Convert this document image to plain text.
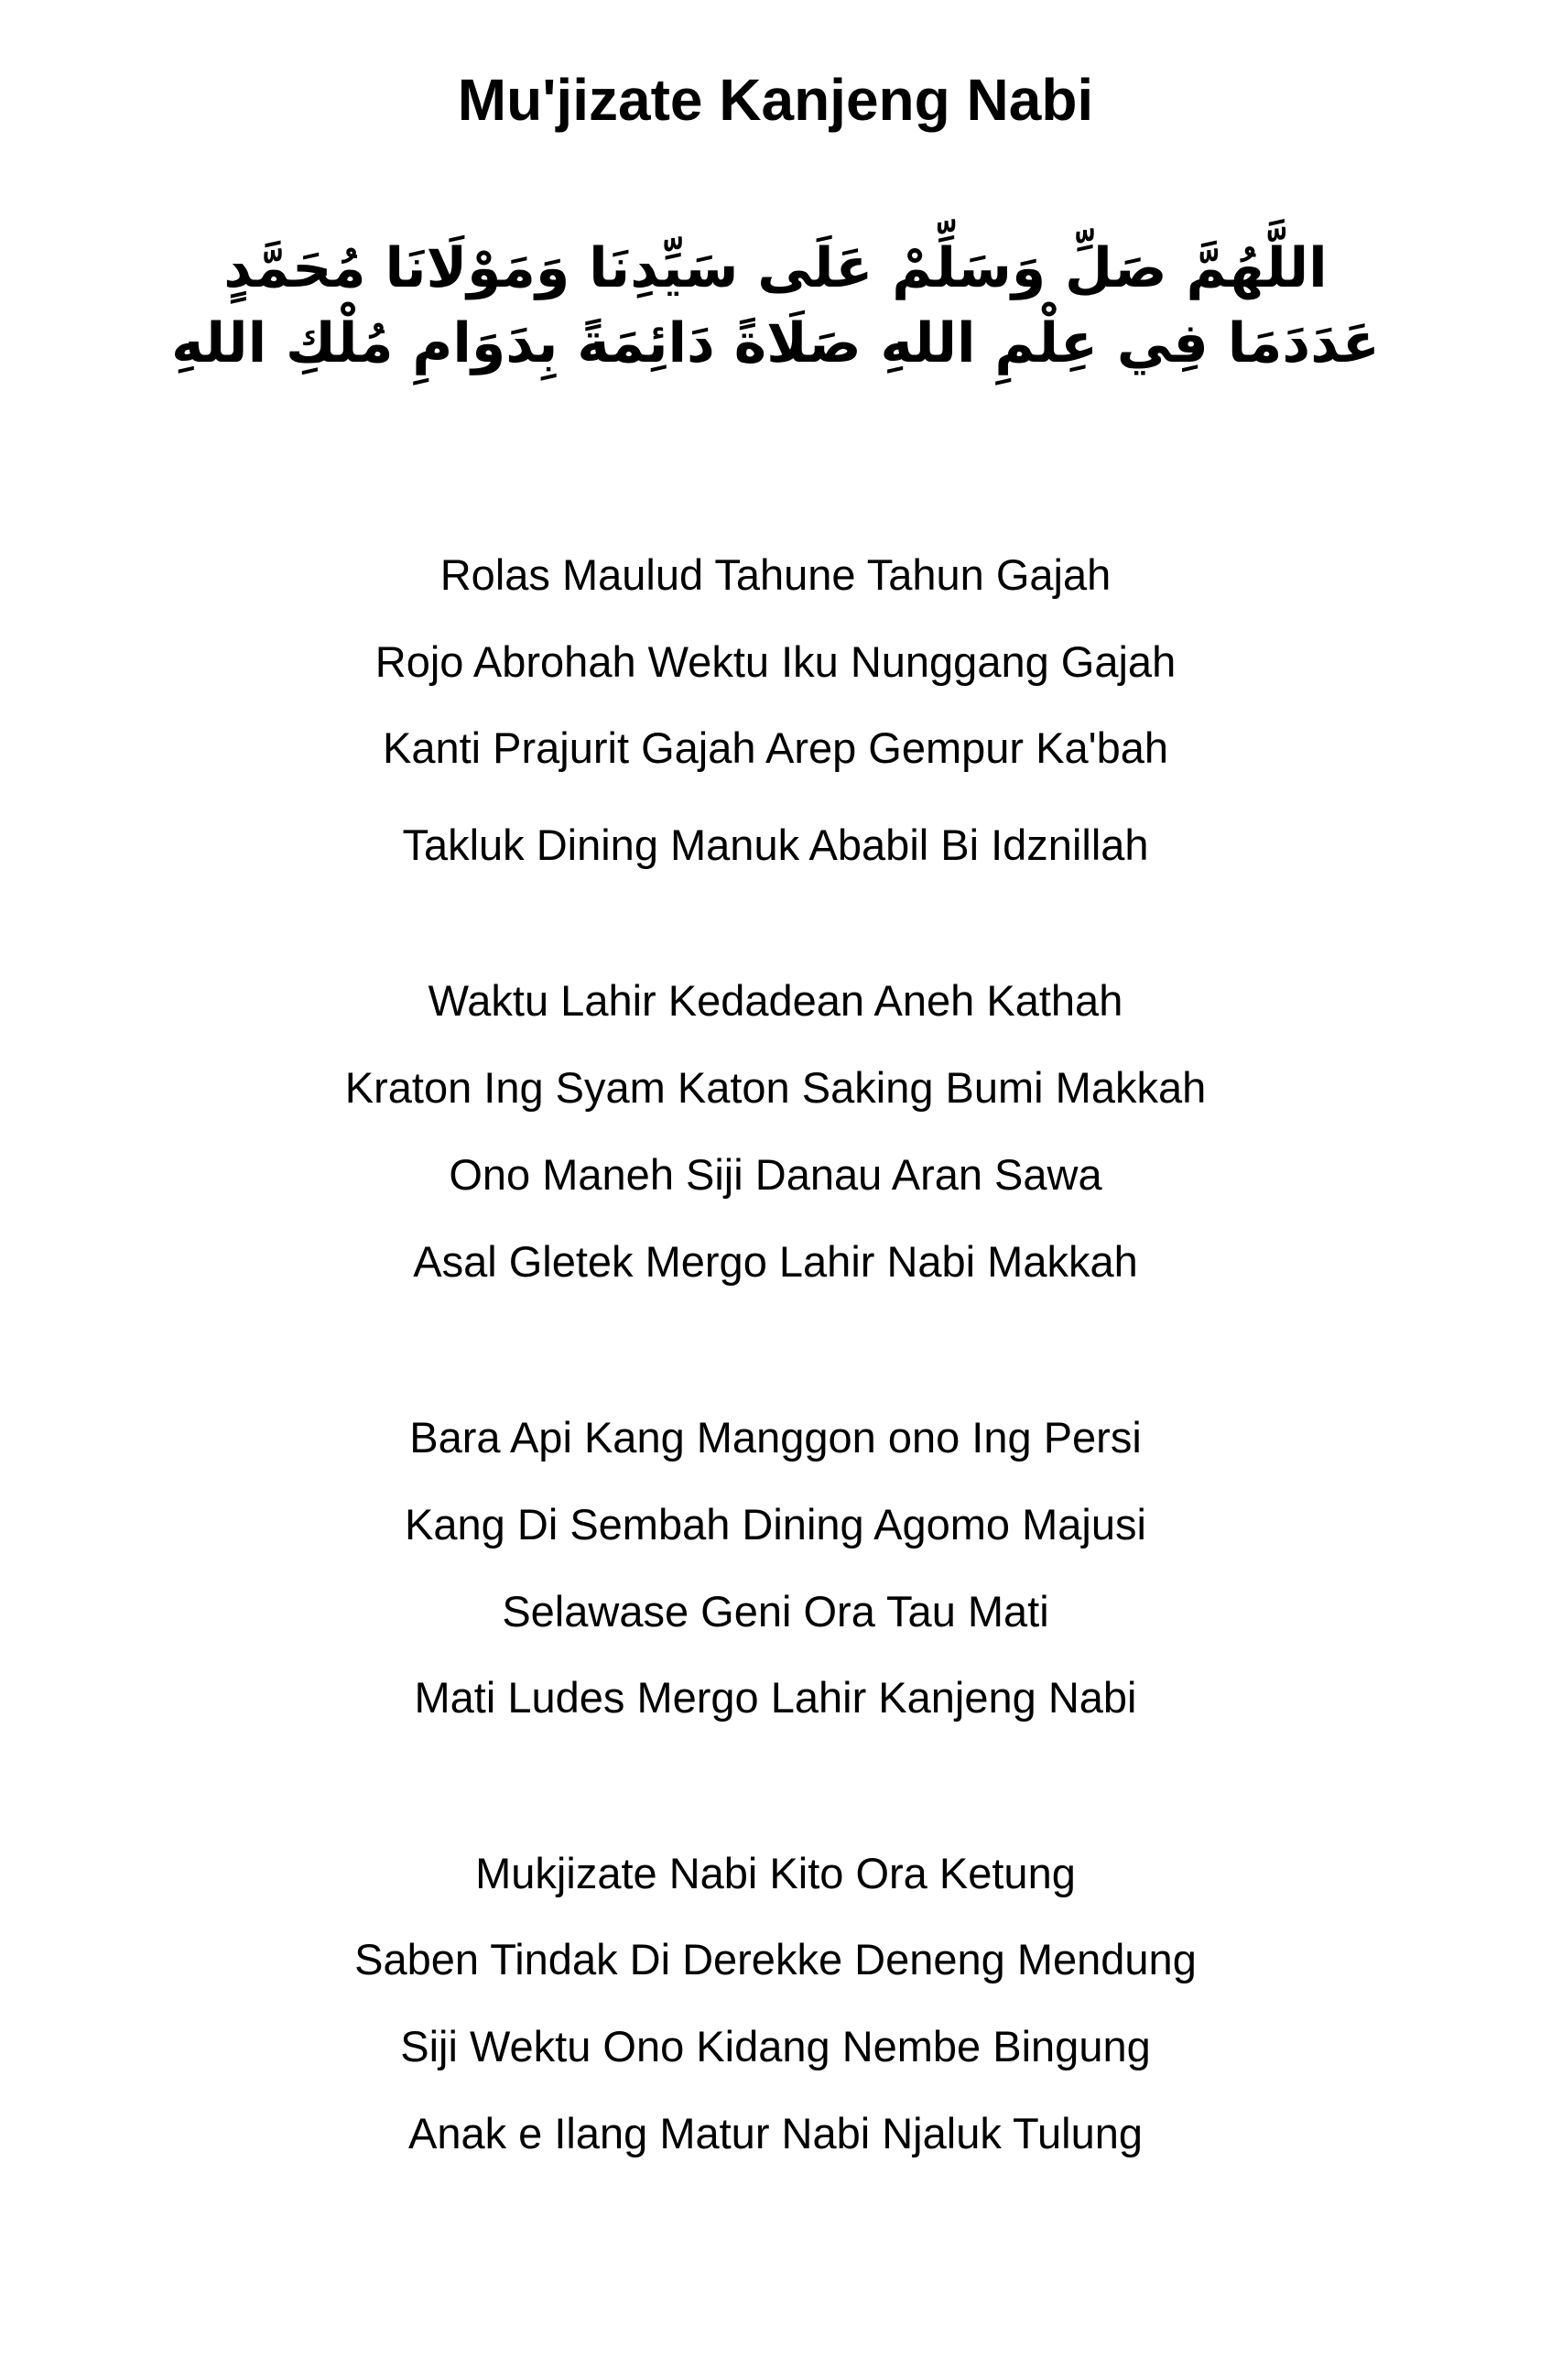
Mu'jizate Kanjeng Nabi
اللَّهُمَّ صَلِّ وَسَلِّمْ عَلَى سَيِّدِنَا وَمَوْلَانَا مُحَمَّدٍ
عَدَدَمَا فِي عِلْمِ اللهِ صَلَاةً دَائِمَةً بِدَوَامِ مُلْكِ اللهِ
Rolas Maulud Tahune Tahun Gajah
Rojo Abrohah Wektu Iku Nunggang Gajah
Kanti Prajurit Gajah Arep Gempur Ka'bah
Takluk Dining Manuk Ababil Bi Idznillah
Waktu Lahir Kedadean Aneh Kathah
Kraton Ing Syam Katon Saking Bumi Makkah
Ono Maneh Siji Danau Aran Sawa
Asal Gletek Mergo Lahir Nabi Makkah
Bara Api Kang Manggon ono Ing Persi
Kang Di Sembah Dining Agomo Majusi
Selawase Geni Ora Tau Mati
Mati Ludes Mergo Lahir Kanjeng Nabi
Mukjizate Nabi Kito Ora Ketung
Saben Tindak Di Derekke Deneng Mendung
Siji Wektu Ono Kidang Nembe Bingung
Anak e Ilang Matur Nabi Njaluk Tulung
